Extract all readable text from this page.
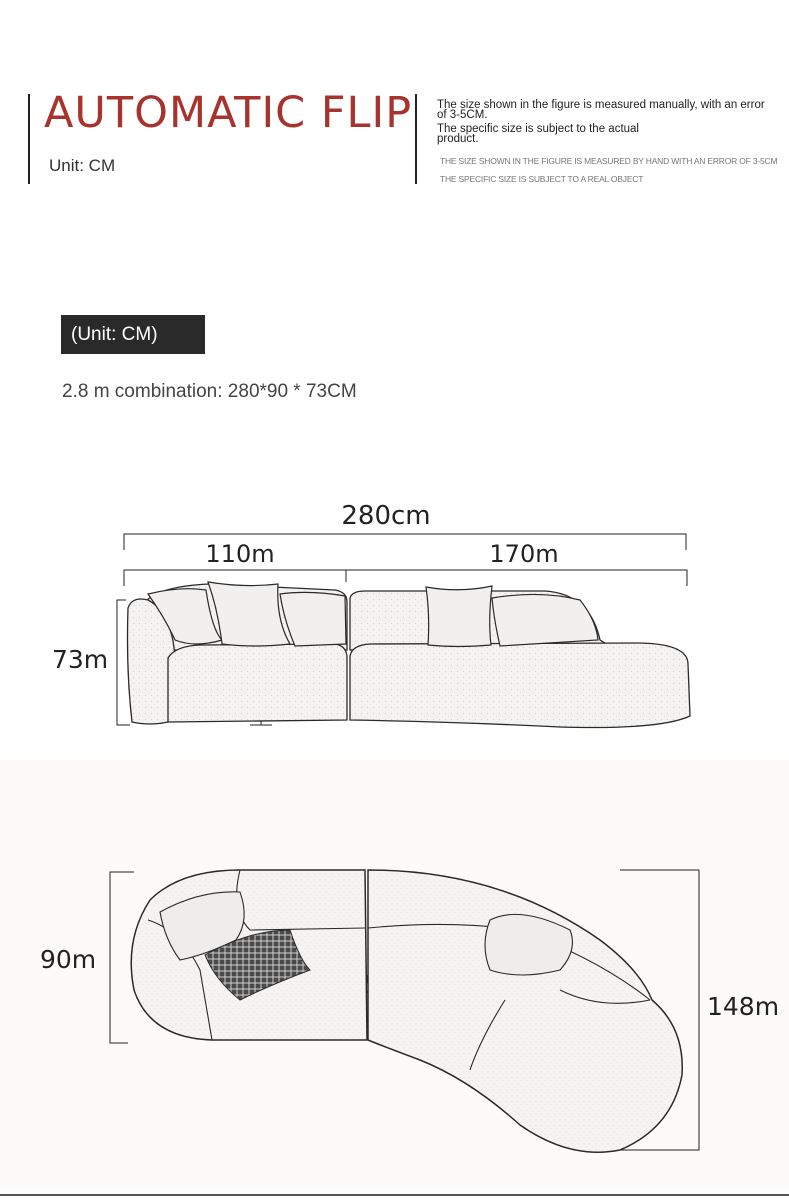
AUTOMATIC FLIP
Unit: CM
The size shown in the figure is measured manually, with an error
of 3-5CM.
The specific size is subject to the actual
product.
THE SIZE SHOWN IN THE FIGURE IS MEASURED BY HAND WITH AN ERROR OF 3-5CM
THE SPECIFIC SIZE IS SUBJECT TO A REAL OBJECT
(Unit: CM)
2.8 m combination: 280*90 * 73CM
280cm
110m	170m
73m
90m
148m
